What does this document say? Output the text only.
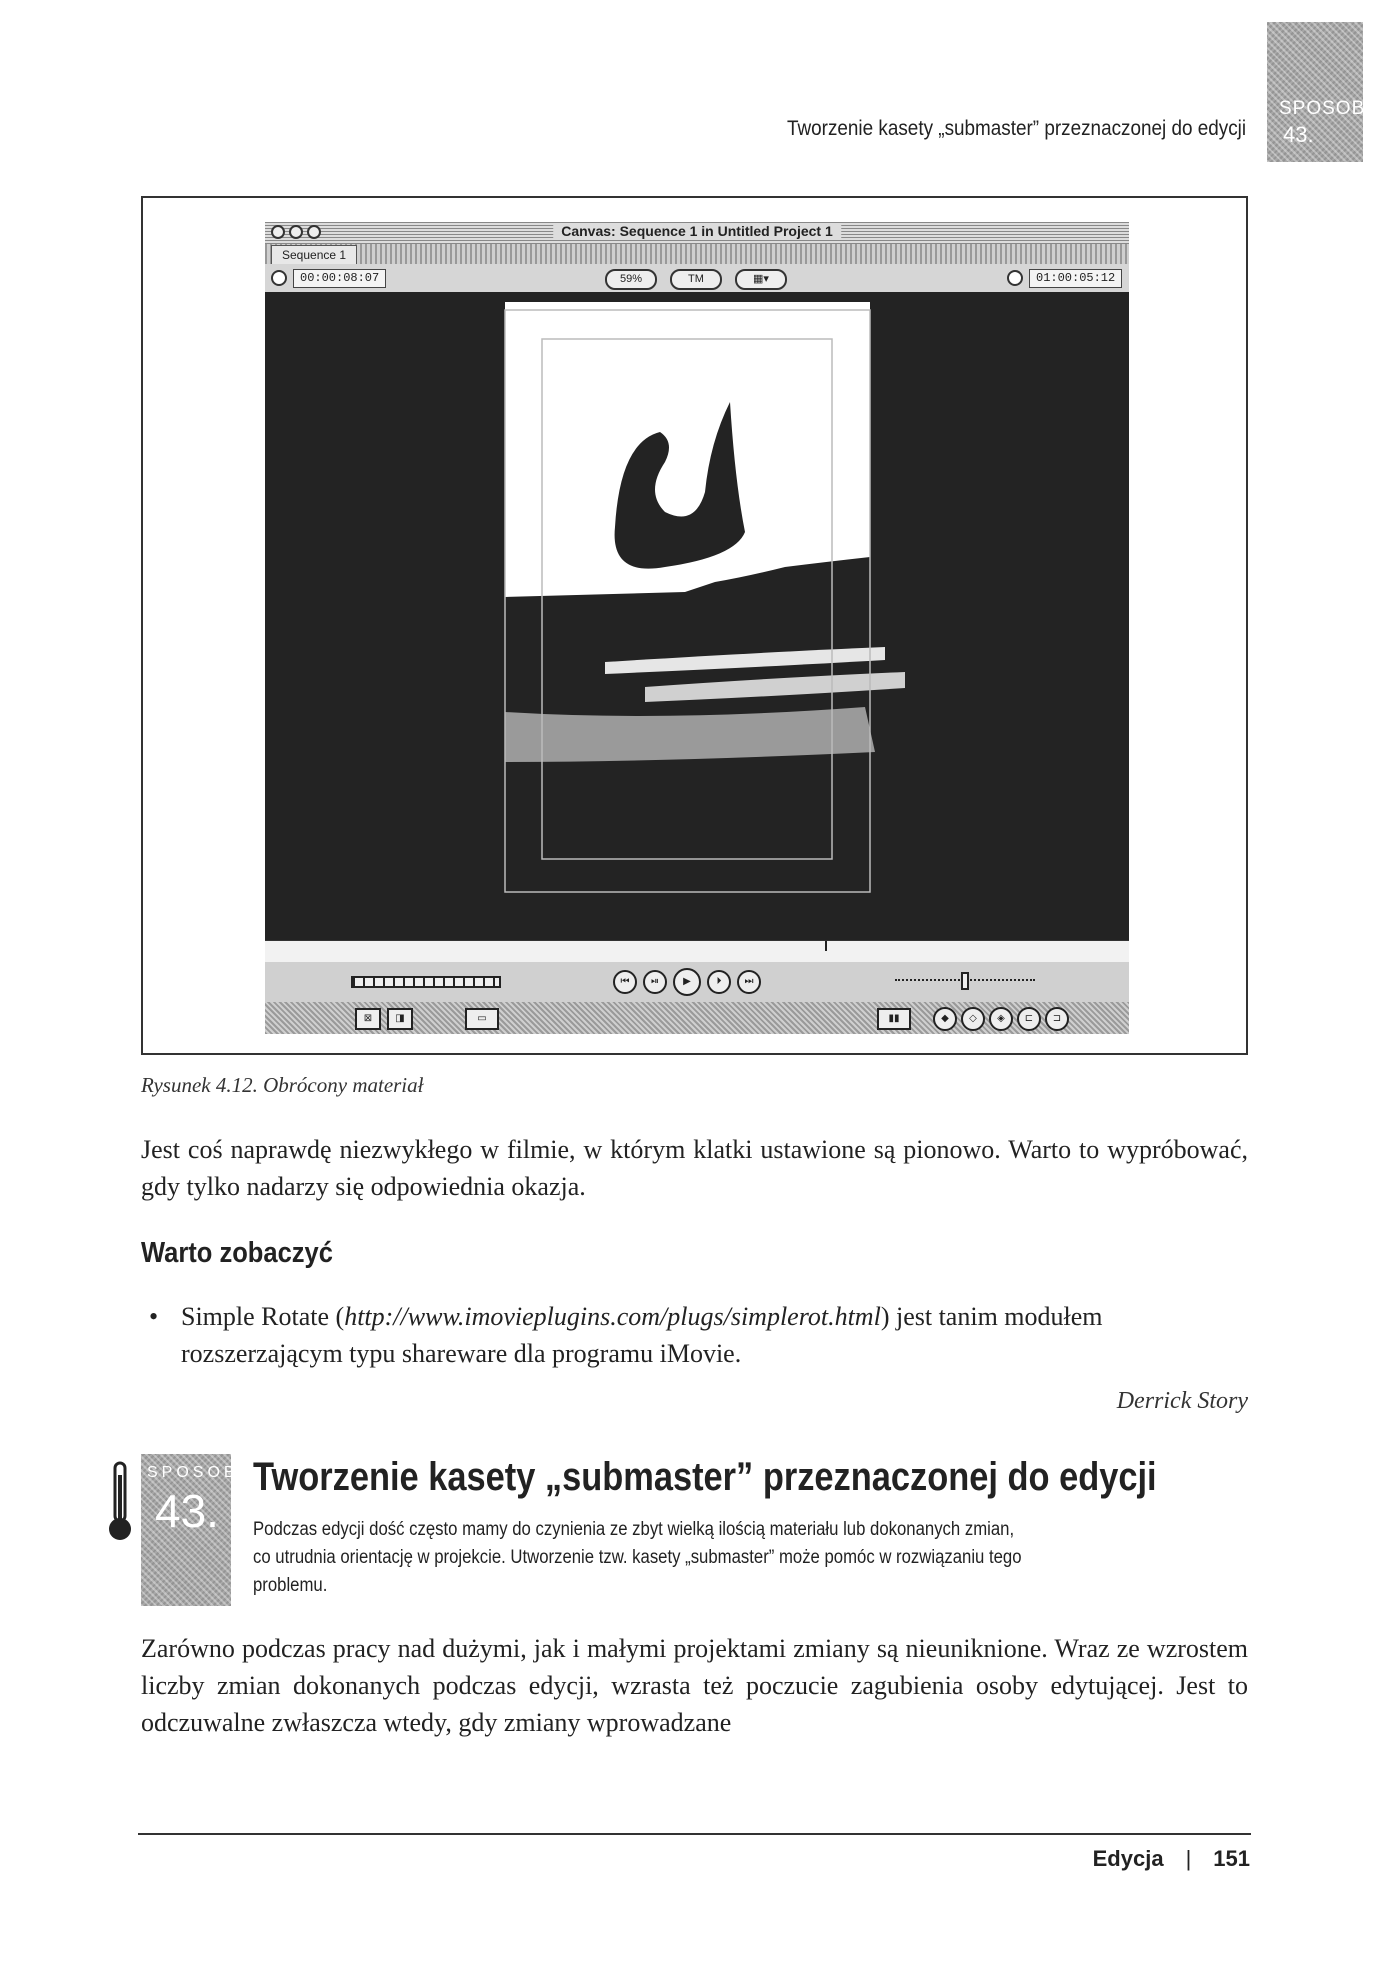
SPOSOB
43.
Tworzenie kasety „submaster” przeznaczonej do edycji
Canvas: Sequence 1 in Untitled Project 1
Sequence 1
00:00:08:07	59%	TM	▦▾	01:00:05:12
⏮	⏯	▶	⏵	⏭
⊠	◨	▭	▮▮	◆	◇	◈	⊏	⊐
Rysunek 4.12. Obrócony materiał

Jest coś naprawdę niezwykłego w filmie, w którym klatki ustawione są pionowo. Warto to wypróbować, gdy tylko nadarzy się odpowiednia okazja.

Warto zobaczyć
• Simple Rotate (http://www.imovieplugins.com/plugs/simplerot.html) jest tanim modułem rozszerzającym typu shareware dla programu iMovie.
Derrick Story
SPOSOB
43.
Tworzenie kasety „submaster” przeznaczonej do edycji
Podczas edycji dość często mamy do czynienia ze zbyt wielką ilością materiału lub dokonanych zmian,
co utrudnia orientację w projekcie. Utworzenie tzw. kasety „submaster” może pomóc w rozwiązaniu tego
problemu.

Zarówno podczas pracy nad dużymi, jak i małymi projektami zmiany są nieuniknione. Wraz ze wzrostem liczby zmian dokonanych podczas edycji, wzrasta też poczucie zagubienia osoby edytującej. Jest to odczuwalne zwłaszcza wtedy, gdy zmiany wprowadzane

Edycja | 151
